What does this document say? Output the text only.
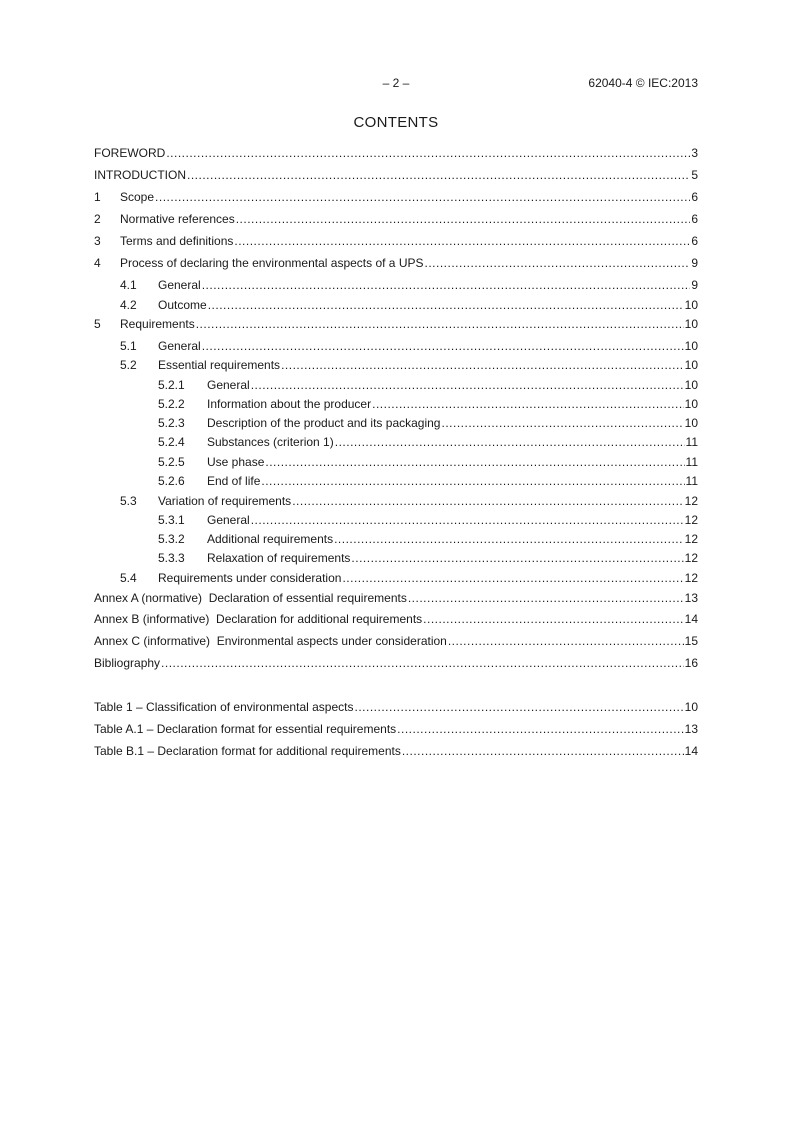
– 2 –	62040-4 © IEC:2013
CONTENTS
FOREWORD .....	3
INTRODUCTION .....	5
1	Scope .....	6
2	Normative references .....	6
3	Terms and definitions .....	6
4	Process of declaring the environmental aspects of a UPS .....	9
4.1	General .....	9
4.2	Outcome .....	10
5	Requirements .....	10
5.1	General .....	10
5.2	Essential requirements .....	10
5.2.1	General .....	10
5.2.2	Information about the producer .....	10
5.2.3	Description of the product and its packaging .....	10
5.2.4	Substances (criterion 1) .....	11
5.2.5	Use phase .....	11
5.2.6	End of life .....	11
5.3	Variation of requirements .....	12
5.3.1	General .....	12
5.3.2	Additional requirements .....	12
5.3.3	Relaxation of requirements .....	12
5.4	Requirements under consideration .....	12
Annex A (normative)  Declaration of essential requirements .....	13
Annex B (informative)  Declaration for additional requirements .....	14
Annex C (informative)  Environmental aspects under consideration .....	15
Bibliography .....	16
Table 1 – Classification of environmental aspects .....	10
Table A.1 – Declaration format for essential requirements .....	13
Table B.1 – Declaration format for additional requirements .....	14
